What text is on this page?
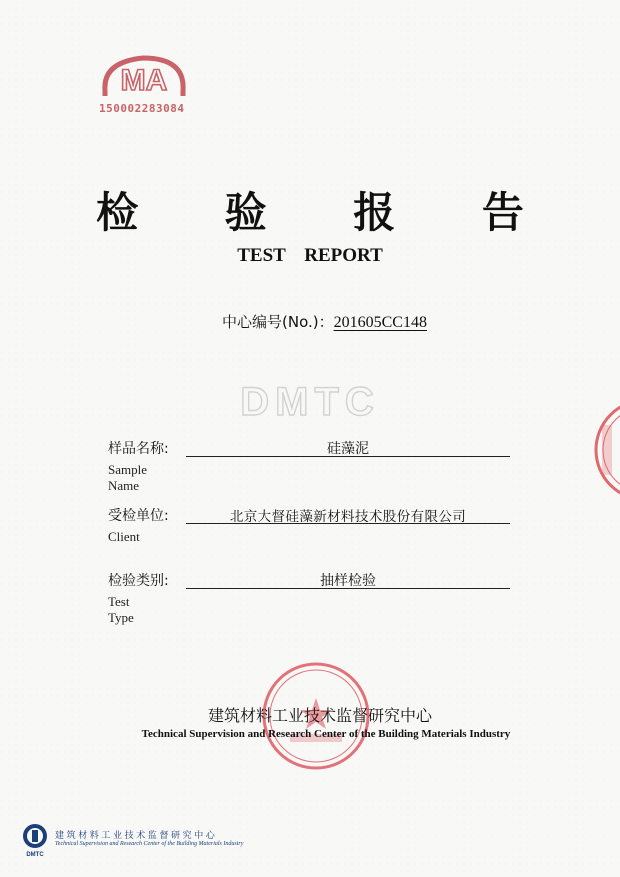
MA
150002283084
检 验 报 告
TEST REPORT
中心编号(No.)：201605CC148
DMTC
样品名称:	硅藻泥
Sample Name
受检单位:	北京大督硅藻新材料技术股份有限公司
Client
检验类别:	抽样检验
Test Type
建筑材料工业技术监督研究中心
Technical Supervision and Research Center of the Building Materials Industry
DMTC
建筑材料工业技术监督研究中心
Technical Supervision and Research Center of the Building Materials Industry
